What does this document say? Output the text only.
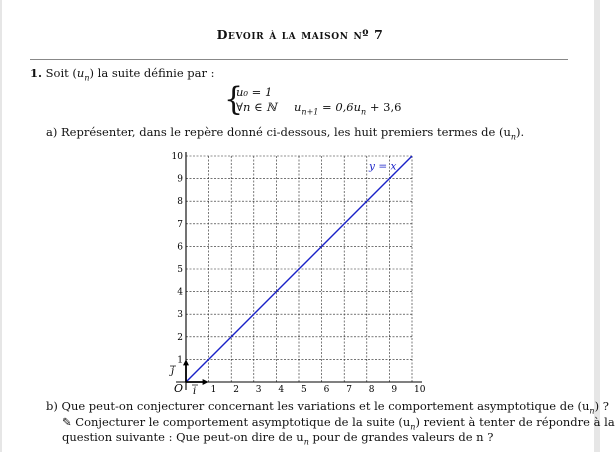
Devoir à la maison nº 7
1. Soit $(u_n)$ la suite définie par :
{
u₀ = 1
∀n ∈ ℕ $u_{n+1} = 0,6u_n + 3,6$
a) Représenter, dans le repère donné ci-dessous, les huit premiers termes de $(u_n)$.
1 2 3 4 5 6 7 8 9 10
1
2
3
4
5
6
7
8
9
10
O i
j
y = x
b) Que peut-on conjecturer concernant les variations et le comportement asymptotique de $(u_n)$ ?
✎ Conjecturer le comportement asymptotique de la suite $(u_n)$ revient à tenter de répondre à la
question suivante : Que peut-on dire de $u_n$ pour de grandes valeurs de n ?
